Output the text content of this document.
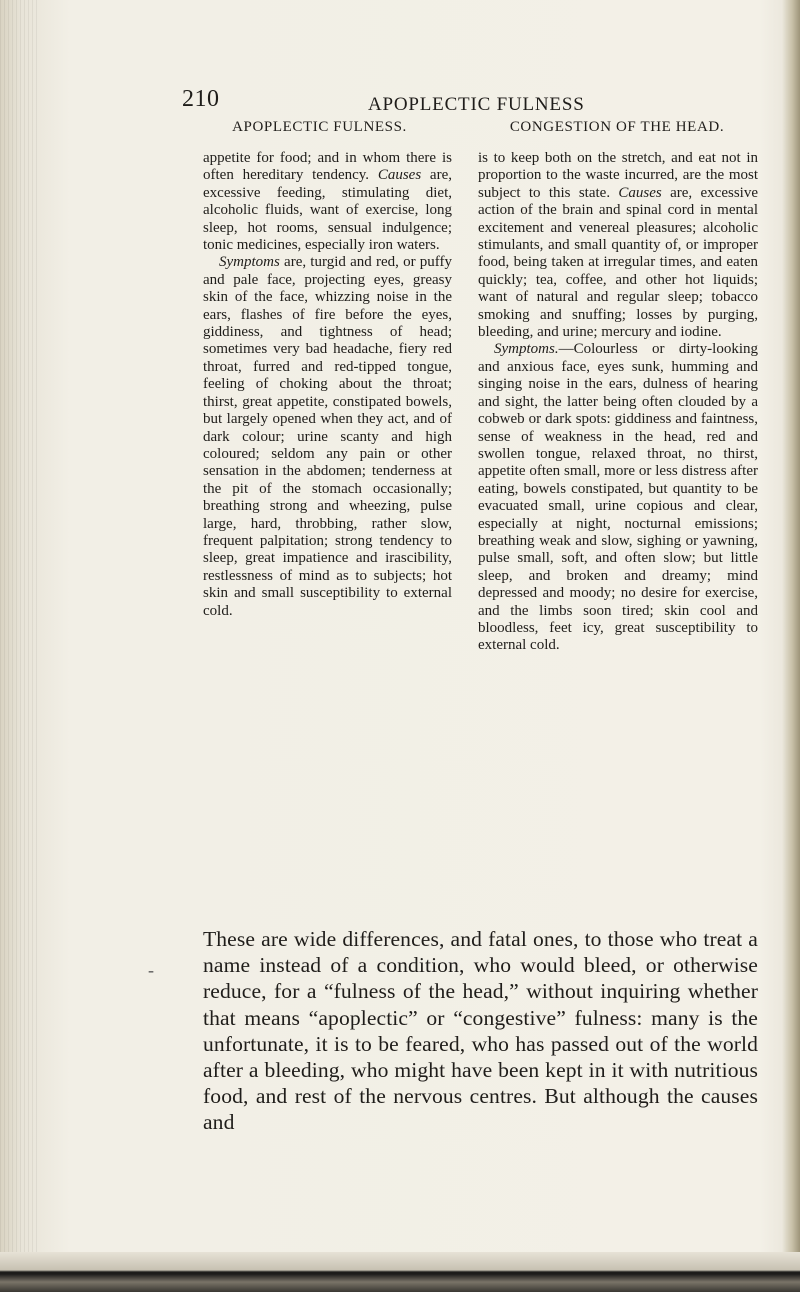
210	APOPLECTIC FULNESS
APOPLECTIC FULNESS.	CONGESTION OF THE HEAD.

appetite for food; and in whom there is often hereditary tendency. Causes are, excessive feeding, stimulating diet, alcoholic fluids, want of exercise, long sleep, hot rooms, sensual indulgence; tonic medicines, especially iron waters.

Symptoms are, turgid and red, or puffy and pale face, projecting eyes, greasy skin of the face, whizzing noise in the ears, flashes of fire before the eyes, giddiness, and tightness of head; sometimes very bad headache, fiery red throat, furred and red-tipped tongue, feeling of choking about the throat; thirst, great appetite, constipated bowels, but largely opened when they act, and of dark colour; urine scanty and high coloured; seldom any pain or other sensation in the abdomen; tenderness at the pit of the stomach occasionally; breathing strong and wheezing, pulse large, hard, throbbing, rather slow, frequent palpitation; strong tendency to sleep, great impatience and irascibility, restlessness of mind as to subjects; hot skin and small susceptibility to external cold.

is to keep both on the stretch, and eat not in proportion to the waste incurred, are the most subject to this state. Causes are, excessive action of the brain and spinal cord in mental excitement and venereal pleasures; alcoholic stimulants, and small quantity of, or improper food, being taken at irregular times, and eaten quickly; tea, coffee, and other hot liquids; want of natural and regular sleep; tobacco smoking and snuffing; losses by purging, bleeding, and urine; mercury and iodine.

Symptoms.—Colourless or dirty-looking and anxious face, eyes sunk, humming and singing noise in the ears, dulness of hearing and sight, the latter being often clouded by a cobweb or dark spots: giddiness and faintness, sense of weakness in the head, red and swollen tongue, relaxed throat, no thirst, appetite often small, more or less distress after eating, bowels constipated, but quantity to be evacuated small, urine copious and clear, especially at night, nocturnal emissions; breathing weak and slow, sighing or yawning, pulse small, soft, and often slow; but little sleep, and broken and dreamy; mind depressed and moody; no desire for exercise, and the limbs soon tired; skin cool and bloodless, feet icy, great susceptibility to external cold.

-

These are wide differences, and fatal ones, to those who treat a name instead of a condition, who would bleed, or otherwise reduce, for a “fulness of the head,” without inquiring whether that means “apoplectic” or “congestive” fulness: many is the unfortunate, it is to be feared, who has passed out of the world after a bleeding, who might have been kept in it with nutritious food, and rest of the nervous centres. But although the causes and
